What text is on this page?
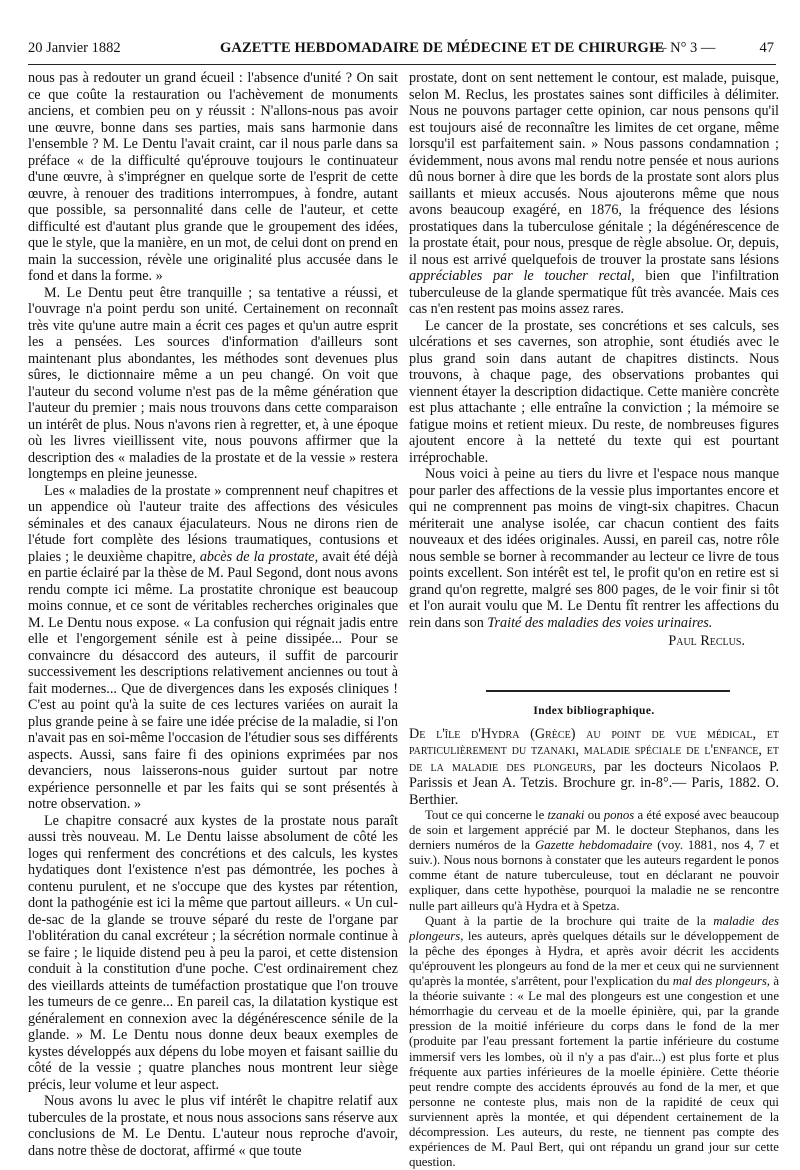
20 Janvier 1882	GAZETTE HEBDOMADAIRE DE MÉDECINE ET DE CHIRURGIE
— N° 3 —	47

nous pas à redouter un grand écueil : l'absence d'unité ? On sait ce que coûte la restauration ou l'achèvement de monuments anciens, et combien peu on y réussit : N'allons-nous pas avoir une œuvre, bonne dans ses parties, mais sans harmonie dans l'ensemble ? M. Le Dentu l'avait craint, car il nous parle dans sa préface « de la difficulté qu'éprouve toujours le continuateur d'une œuvre, à s'imprégner en quelque sorte de l'esprit de cette œuvre, à renouer des traditions interrompues, à fondre, autant que possible, sa personnalité dans celle de l'auteur, et cette difficulté est d'autant plus grande que le groupement des idées, que le style, que la manière, en un mot, de celui dont on prend en main la succession, révèle une originalité plus accusée dans le fond et dans la forme. »

M. Le Dentu peut être tranquille ; sa tentative a réussi, et l'ouvrage n'a point perdu son unité. Certainement on reconnaît très vite qu'une autre main a écrit ces pages et qu'un autre esprit les a pensées. Les sources d'information d'ailleurs sont maintenant plus abondantes, les méthodes sont devenues plus sûres, le dictionnaire même a un peu changé. On voit que l'auteur du second volume n'est pas de la même génération que l'auteur du premier ; mais nous trouvons dans cette comparaison un intérêt de plus. Nous n'avons rien à regretter, et, à une époque où les livres vieillissent vite, nous pouvons affirmer que la description des « maladies de la prostate et de la vessie » restera longtemps en pleine jeunesse.

Les « maladies de la prostate » comprennent neuf chapitres et un appendice où l'auteur traite des affections des vésicules séminales et des canaux éjaculateurs. Nous ne dirons rien de l'étude fort complète des lésions traumatiques, contusions et plaies ; le deuxième chapitre, abcès de la prostate, avait été déjà en partie éclairé par la thèse de M. Paul Segond, dont nous avons rendu compte ici même. La prostatite chronique est beaucoup moins connue, et ce sont de véritables recherches originales que M. Le Dentu nous expose. « La confusion qui régnait jadis entre elle et l'engorgement sénile est à peine dissipée... Pour se convaincre du désaccord des auteurs, il suffit de parcourir successivement les descriptions relativement anciennes ou tout à fait modernes... Que de divergences dans les exposés cliniques ! C'est au point qu'à la suite de ces lectures variées on aurait la plus grande peine à se faire une idée précise de la maladie, si l'on n'avait pas en soi-même l'occasion de l'étudier sous ses différents aspects. Aussi, sans faire fi des opinions exprimées par nos devanciers, nous laisserons-nous guider surtout par notre expérience personnelle et par les faits qui se sont présentés à notre observation. »

Le chapitre consacré aux kystes de la prostate nous paraît aussi très nouveau. M. Le Dentu laisse absolument de côté les loges qui renferment des concrétions et des calculs, les kystes hydatiques dont l'existence n'est pas démontrée, les poches à contenu purulent, et ne s'occupe que des kystes par rétention, dont la pathogénie est ici la même que partout ailleurs. « Un cul-de-sac de la glande se trouve séparé du reste de l'organe par l'oblitération du canal excréteur ; la sécrétion normale continue à se faire ; le liquide distend peu à peu la paroi, et cette distension conduit à la constitution d'une poche. C'est ordinairement chez des vieillards atteints de tuméfaction prostatique que l'on trouve les tumeurs de ce genre... En pareil cas, la dilatation kystique est généralement en connexion avec la dégénérescence sénile de la glande. » M. Le Dentu nous donne deux beaux exemples de kystes développés aux dépens du lobe moyen et faisant saillie du côté de la vessie ; quatre planches nous montrent leur siège précis, leur volume et leur aspect.

Nous avons lu avec le plus vif intérêt le chapitre relatif aux tubercules de la prostate, et nous nous associons sans réserve aux conclusions de M. Le Dentu. L'auteur nous reproche d'avoir, dans notre thèse de doctorat, affirmé « que toute

prostate, dont on sent nettement le contour, est malade, puisque, selon M. Reclus, les prostates saines sont difficiles à délimiter. Nous ne pouvons partager cette opinion, car nous pensons qu'il est toujours aisé de reconnaître les limites de cet organe, même lorsqu'il est parfaitement sain. » Nous passons condamnation ; évidemment, nous avons mal rendu notre pensée et nous aurions dû nous borner à dire que les bords de la prostate sont alors plus saillants et mieux accusés. Nous ajouterons même que nous avons beaucoup exagéré, en 1876, la fréquence des lésions prostatiques dans la tuberculose génitale ; la dégénérescence de la prostate était, pour nous, presque de règle absolue. Or, depuis, il nous est arrivé quelquefois de trouver la prostate sans lésions appréciables par le toucher rectal, bien que l'infiltration tuberculeuse de la glande spermatique fût très avancée. Mais ces cas n'en restent pas moins assez rares.

Le cancer de la prostate, ses concrétions et ses calculs, ses ulcérations et ses cavernes, son atrophie, sont étudiés avec le plus grand soin dans autant de chapitres distincts. Nous trouvons, à chaque page, des observations probantes qui viennent étayer la description didactique. Cette manière concrète est plus attachante ; elle entraîne la conviction ; la mémoire se fatigue moins et retient mieux. Du reste, de nombreuses figures ajoutent encore à la netteté du texte qui est pourtant irréprochable.

Nous voici à peine au tiers du livre et l'espace nous manque pour parler des affections de la vessie plus importantes encore et qui ne comprennent pas moins de vingt-six chapitres. Chacun mériterait une analyse isolée, car chacun contient des faits nouveaux et des idées originales. Aussi, en pareil cas, notre rôle nous semble se borner à recommander au lecteur ce livre de tous points excellent. Son intérêt est tel, le profit qu'on en retire est si grand qu'on regrette, malgré ses 800 pages, de le voir finir si tôt et l'on aurait voulu que M. Le Dentu fît rentrer les affections du rein dans son Traité des maladies des voies urinaires.

Paul Reclus.
Index bibliographique.

De l'île d'Hydra (Grèce) au point de vue médical, et particulièrement du tzanaki, maladie spéciale de l'enfance, et de la maladie des plongeurs, par les docteurs Nicolaos P. Parissis et Jean A. Tetzis. Brochure gr. in-8°.— Paris, 1882. O. Berthier.

Tout ce qui concerne le tzanaki ou ponos a été exposé avec beaucoup de soin et largement apprécié par M. le docteur Stephanos, dans les derniers numéros de la Gazette hebdomadaire (voy. 1881, nos 4, 7 et suiv.). Nous nous bornons à constater que les auteurs regardent le ponos comme étant de nature tuberculeuse, tout en déclarant ne pouvoir expliquer, dans cette hypothèse, pourquoi la maladie ne se rencontre nulle part ailleurs qu'à Hydra et à Spetza.

Quant à la partie de la brochure qui traite de la maladie des plongeurs, les auteurs, après quelques détails sur le développement de la pêche des éponges à Hydra, et après avoir décrit les accidents qu'éprouvent les plongeurs au fond de la mer et ceux qui ne surviennent qu'après la montée, s'arrêtent, pour l'explication du mal des plongeurs, à la théorie suivante : « Le mal des plongeurs est une congestion et une hémorrhagie du cerveau et de la moelle épinière, qui, par la grande pression de la moitié inférieure du corps dans le fond de la mer (produite par l'eau pressant fortement la partie inférieure du costume immersif vers les lombes, où il n'y a pas d'air...) est plus forte et plus fréquente aux parties inférieures de la moelle épinière. Cette théorie peut rendre compte des accidents éprouvés au fond de la mer, et que personne ne conteste plus, mais non de la rapidité de ceux qui surviennent après la montée, et qui dépendent certainement de la décompression. Les auteurs, du reste, ne tiennent pas compte des expériences de M. Paul Bert, qui ont répandu un grand jour sur cette question.
